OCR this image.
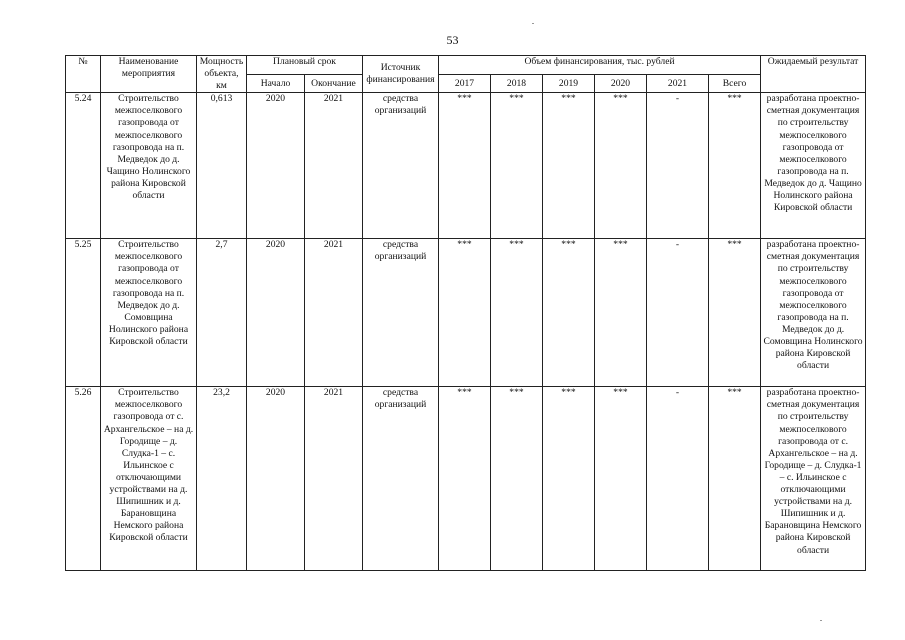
53
№	Наименование мероприятия	Мощность объекта, км	Плановый срок		Источник финансирования	Объем финансирования, тыс. рублей						Ожидаемый результат
			Начало	Окончание		2017	2018	2019	2020	2021	Всего	
5.24	Строительство межпоселкового газопровода от межпоселкового газопровода на п. Медведок до д. Чащино Нолинского района Кировской области	0,613	2020	2021	средства организаций	***	***	***	***	-	***	разработана проектно-сметная документация по строительству межпоселкового газопровода от межпоселкового газопровода на п. Медведок до д. Чащино Нолинского района Кировской области
5.25	Строительство межпоселкового газопровода от межпоселкового газопровода на п. Медведок до д. Сомовщина Нолинского района Кировской области	2,7	2020	2021	средства организаций	***	***	***	***	-	***	разработана проектно-сметная документация по строительству межпоселкового газопровода от межпоселкового газопровода на п. Медведок до д. Сомовщина Нолинского района Кировской области
5.26	Строительство межпоселкового газопровода от с. Архангельское – на д. Городище – д. Слудка-1 – с. Ильинское с отключающими устройствами на д. Шипишник и д. Барановщина Немского района Кировской области	23,2	2020	2021	средства организаций	***	***	***	***	-	***	разработана проектно-сметная документация по строительству межпоселкового газопровода от с. Архангельское – на д. Городище – д. Слудка-1 – с. Ильинское с отключающими устройствами на д. Шипишник и д. Барановщина Немского района Кировской области
